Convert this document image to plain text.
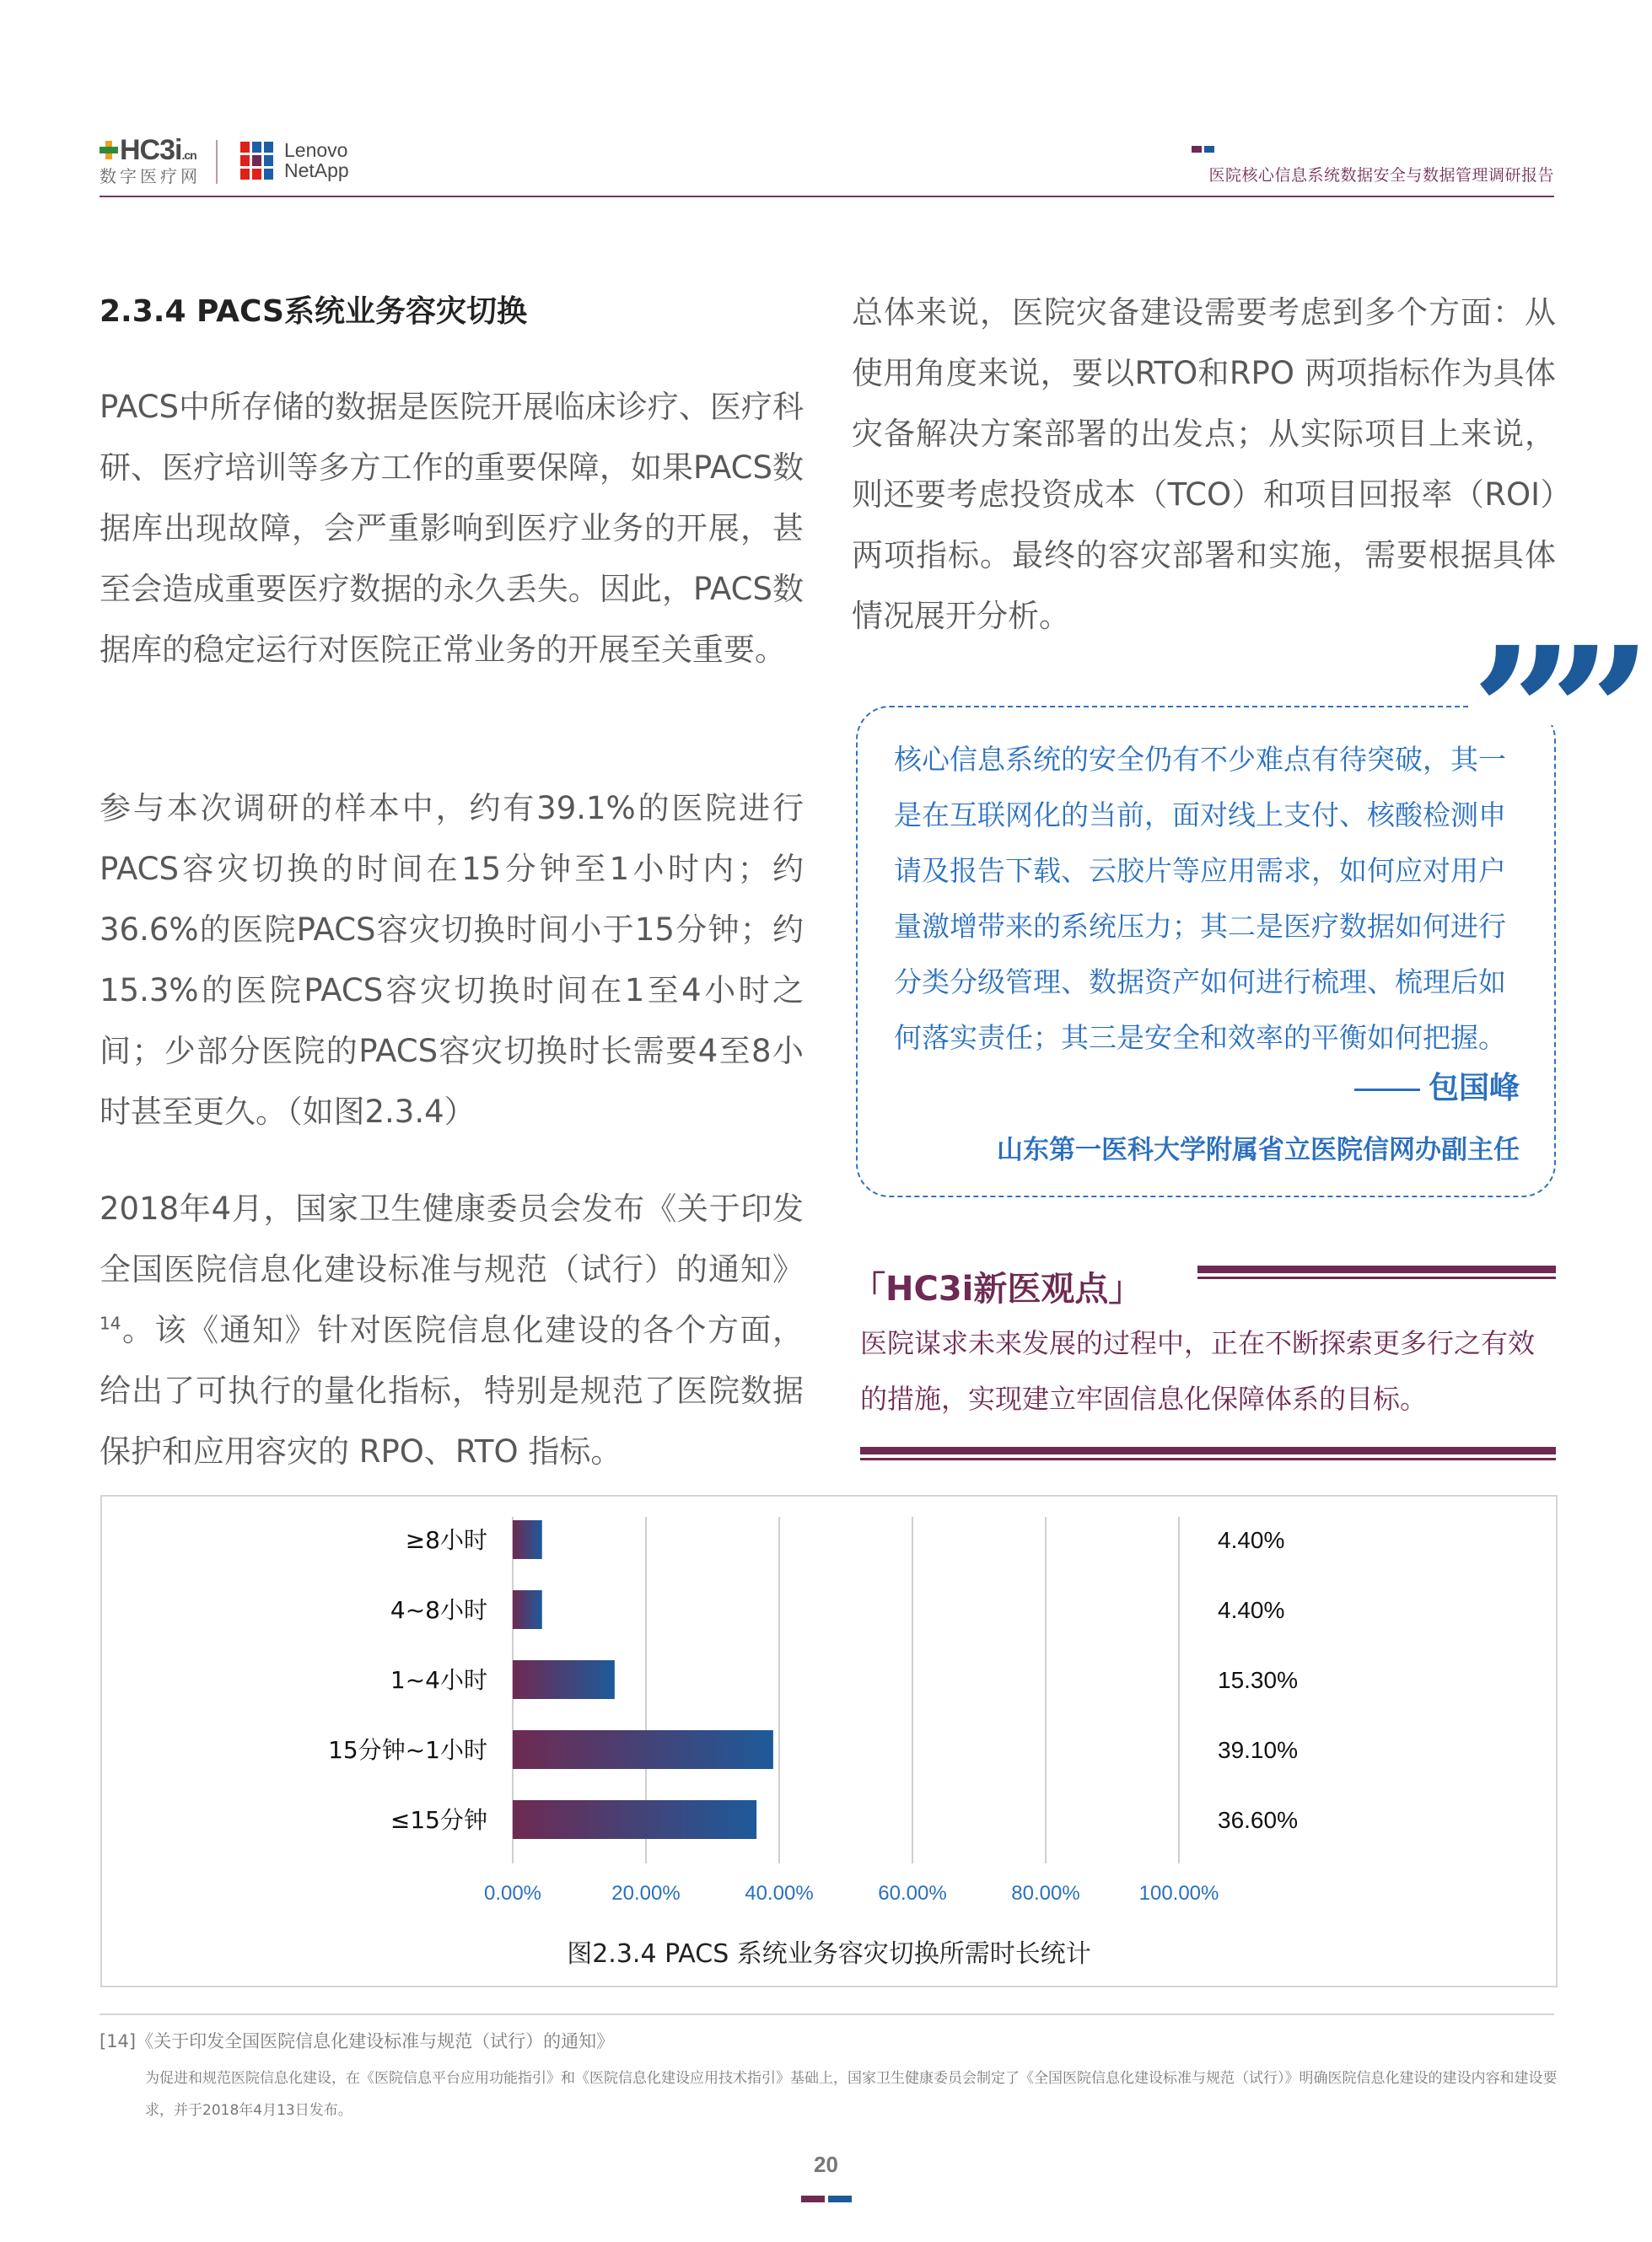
HC3i.cn
数字医疗网
Lenovo
NetApp	医院核心信息系统数据安全与数据管理调研报告
2.3.4 PACS系统业务容灾切换
PACS中所存储的数据是医院开展临床诊疗、医疗科研、医疗培训等多方工作的重要保障，如果PACS数据库出现故障，会严重影响到医疗业务的开展，甚至会造成重要医疗数据的永久丢失。因此，PACS数据库的稳定运行对医院正常业务的开展至关重要。
参与本次调研的样本中，约有39.1%的医院进行PACS容灾切换的时间在15分钟至1小时内；约36.6%的医院PACS容灾切换时间小于15分钟；约15.3%的医院PACS容灾切换时间在1至4小时之间；少部分医院的PACS容灾切换时长需要4至8小时甚至更久。（如图2.3.4）
2018年4月，国家卫生健康委员会发布《关于印发全国医院信息化建设标准与规范（试行）的通知》$^{14}$。该《通知》针对医院信息化建设的各个方面，给出了可执行的量化指标，特别是规范了医院数据保护和应用容灾的 RPO、RTO 指标。
总体来说，医院灾备建设需要考虑到多个方面：从使用角度来说，要以RTO和RPO 两项指标作为具体灾备解决方案部署的出发点；从实际项目上来说，则还要考虑投资成本（TCO）和项目回报率（ROI）两项指标。最终的容灾部署和实施，需要根据具体情况展开分析。	””
核心信息系统的安全仍有不少难点有待突破，其一是在互联网化的当前，面对线上支付、核酸检测申请及报告下载、云胶片等应用需求，如何应对用户量激增带来的系统压力；其二是医疗数据如何进行分类分级管理、数据资产如何进行梳理、梳理后如何落实责任；其三是安全和效率的平衡如何把握。
包国峰
山东第一医科大学附属省立医院信网办副主任
「HC3i新医观点」
医院谋求未来发展的过程中，正在不断探索更多行之有效的措施，实现建立牢固信息化保障体系的目标。
≥8小时
4~8小时
1~4小时
15分钟~1小时
≤15分钟
4.40%
4.40%
15.30%
39.10%
36.60%
0.00%	20.00%	40.00%	60.00%	80.00%	100.00%
图2.3.4 PACS 系统业务容灾切换所需时长统计
[14]《关于印发全国医院信息化建设标准与规范（试行）的通知》
为促进和规范医院信息化建设，在《医院信息平台应用功能指引》和《医院信息化建设应用技术指引》基础上，国家卫生健康委员会制定了《全国医院信息化建设标准与规范（试行）》明确医院信息化建设的建设内容和建设要求，并于2018年4月13日发布。
20
